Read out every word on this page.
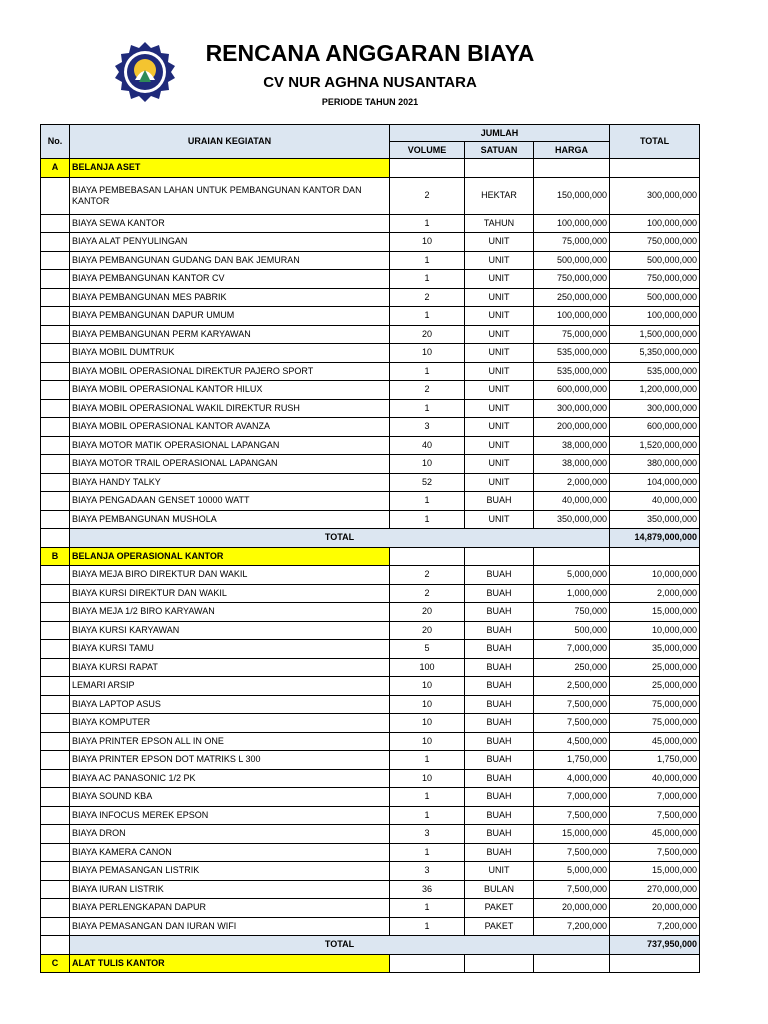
RENCANA ANGGARAN BIAYA
CV NUR AGHNA NUSANTARA
PERIODE TAHUN 2021
No.	URAIAN KEGIATAN	JUMLAH			TOTAL
		VOLUME	SATUAN	HARGA	
A	BELANJA ASET				
	BIAYA PEMBEBASAN LAHAN UNTUK PEMBANGUNAN KANTOR DAN KANTOR	2	HEKTAR	150,000,000	300,000,000
	BIAYA SEWA KANTOR	1	TAHUN	100,000,000	100,000,000
	BIAYA ALAT PENYULINGAN	10	UNIT	75,000,000	750,000,000
	BIAYA PEMBANGUNAN GUDANG DAN BAK JEMURAN	1	UNIT	500,000,000	500,000,000
	BIAYA PEMBANGUNAN KANTOR CV	1	UNIT	750,000,000	750,000,000
	BIAYA PEMBANGUNAN MES PABRIK	2	UNIT	250,000,000	500,000,000
	BIAYA PEMBANGUNAN DAPUR UMUM	1	UNIT	100,000,000	100,000,000
	BIAYA PEMBANGUNAN PERM KARYAWAN	20	UNIT	75,000,000	1,500,000,000
	BIAYA MOBIL DUMTRUK	10	UNIT	535,000,000	5,350,000,000
	BIAYA MOBIL OPERASIONAL DIREKTUR PAJERO SPORT	1	UNIT	535,000,000	535,000,000
	BIAYA MOBIL OPERASIONAL KANTOR HILUX	2	UNIT	600,000,000	1,200,000,000
	BIAYA MOBIL OPERASIONAL WAKIL DIREKTUR RUSH	1	UNIT	300,000,000	300,000,000
	BIAYA MOBIL OPERASIONAL KANTOR AVANZA	3	UNIT	200,000,000	600,000,000
	BIAYA MOTOR MATIK OPERASIONAL LAPANGAN	40	UNIT	38,000,000	1,520,000,000
	BIAYA MOTOR TRAIL OPERASIONAL LAPANGAN	10	UNIT	38,000,000	380,000,000
	BIAYA HANDY TALKY	52	UNIT	2,000,000	104,000,000
	BIAYA PENGADAAN GENSET 10000 WATT	1	BUAH	40,000,000	40,000,000
	BIAYA PEMBANGUNAN MUSHOLA	1	UNIT	350,000,000	350,000,000
	TOTAL				14,879,000,000
B	BELANJA OPERASIONAL KANTOR				
	BIAYA MEJA BIRO DIREKTUR DAN WAKIL	2	BUAH	5,000,000	10,000,000
	BIAYA KURSI DIREKTUR DAN WAKIL	2	BUAH	1,000,000	2,000,000
	BIAYA MEJA 1/2 BIRO KARYAWAN	20	BUAH	750,000	15,000,000
	BIAYA KURSI KARYAWAN	20	BUAH	500,000	10,000,000
	BIAYA KURSI TAMU	5	BUAH	7,000,000	35,000,000
	BIAYA KURSI RAPAT	100	BUAH	250,000	25,000,000
	LEMARI ARSIP	10	BUAH	2,500,000	25,000,000
	BIAYA LAPTOP ASUS	10	BUAH	7,500,000	75,000,000
	BIAYA KOMPUTER	10	BUAH	7,500,000	75,000,000
	BIAYA PRINTER EPSON ALL IN ONE	10	BUAH	4,500,000	45,000,000
	BIAYA PRINTER EPSON DOT MATRIKS L 300	1	BUAH	1,750,000	1,750,000
	BIAYA AC PANASONIC 1/2 PK	10	BUAH	4,000,000	40,000,000
	BIAYA SOUND KBA	1	BUAH	7,000,000	7,000,000
	BIAYA INFOCUS MEREK EPSON	1	BUAH	7,500,000	7,500,000
	BIAYA DRON	3	BUAH	15,000,000	45,000,000
	BIAYA KAMERA CANON	1	BUAH	7,500,000	7,500,000
	BIAYA PEMASANGAN LISTRIK	3	UNIT	5,000,000	15,000,000
	BIAYA IURAN LISTRIK	36	BULAN	7,500,000	270,000,000
	BIAYA PERLENGKAPAN DAPUR	1	PAKET	20,000,000	20,000,000
	BIAYA PEMASANGAN DAN IURAN WIFI	1	PAKET	7,200,000	7,200,000
	TOTAL				737,950,000
C	ALAT TULIS KANTOR				
